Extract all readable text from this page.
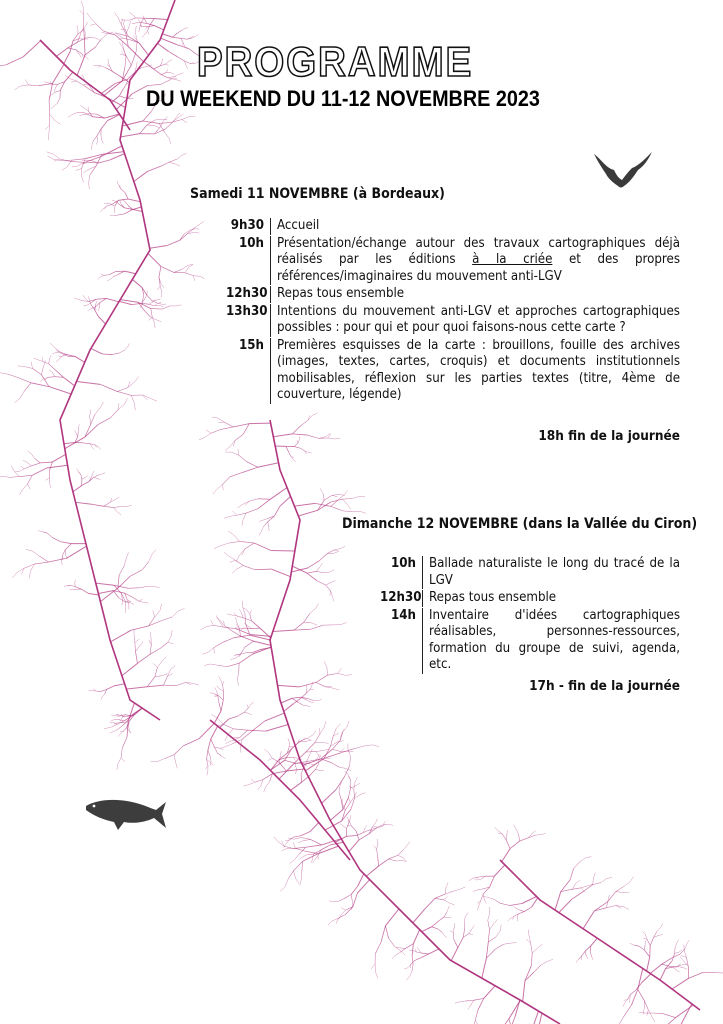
PROGRAMME
DU WEEKEND DU 11-12 NOVEMBRE 2023
Samedi 11 NOVEMBRE (à Bordeaux)
9h30 Accueil
10h Présentation/échange autour des travaux cartographiques déjà réalisés par les éditions à la criée et des propres références/imaginaires du mouvement anti-LGV
12h30 Repas tous ensemble
13h30 Intentions du mouvement anti-LGV et approches cartographiques possibles : pour qui et pour quoi faisons-nous cette carte ?
15h Premières esquisses de la carte : brouillons, fouille des archives (images, textes, cartes, croquis) et documents institutionnels mobilisables, réflexion sur les parties textes (titre, 4ème de couverture, légende)
18h fin de la journée
Dimanche 12 NOVEMBRE (dans la Vallée du Ciron)
10h Ballade naturaliste le long du tracé de la LGV
12h30 Repas tous ensemble
14h Inventaire d'idées cartographiques réalisables, personnes-ressources, formation du groupe de suivi, agenda, etc.
17h - fin de la journée
